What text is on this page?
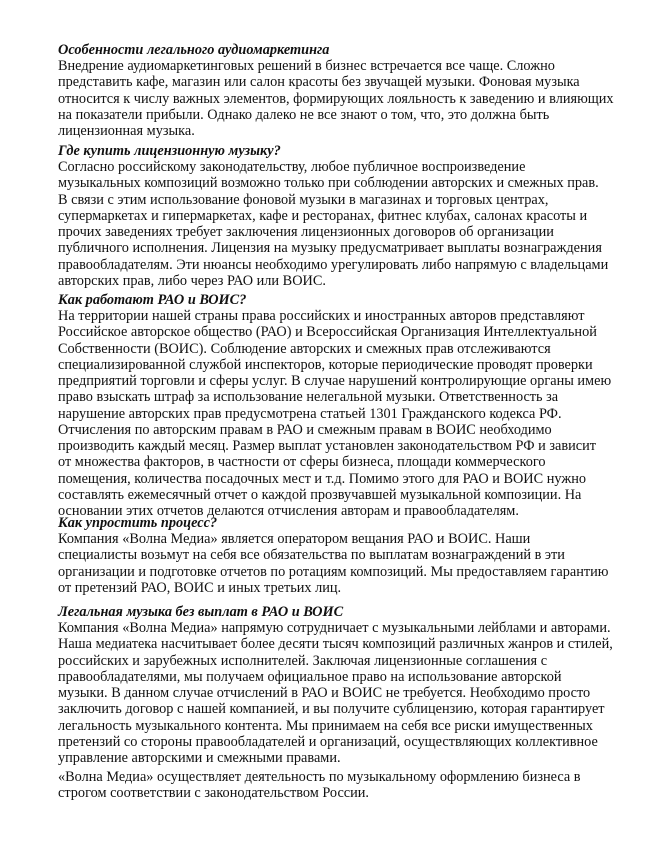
Особенности легального аудиомаркетинга
Внедрение аудиомаркетинговых решений в бизнес встречается все чаще. Сложно
представить кафе, магазин или салон красоты без звучащей музыки. Фоновая музыка
относится к числу важных элементов, формирующих лояльность к заведению и влияющих
на показатели прибыли. Однако далеко не все знают о том, что, это должна быть
лицензионная музыка.
Где купить лицензионную музыку?
Согласно российскому законодательству, любое публичное воспроизведение
музыкальных композиций возможно только при соблюдении авторских и смежных прав.
В связи с этим использование фоновой музыки в магазинах и торговых центрах,
супермаркетах и гипермаркетах, кафе и ресторанах, фитнес клубах, салонах красоты и
прочих заведениях требует заключения лицензионных договоров об организации
публичного исполнения. Лицензия на музыку предусматривает выплаты вознаграждения
правообладателям. Эти нюансы необходимо урегулировать либо напрямую с владельцами
авторских прав, либо через РАО или ВОИС.
Как работают РАО и ВОИС?
На территории нашей страны права российских и иностранных авторов представляют
Российское авторское общество (РАО) и Всероссийская Организация Интеллектуальной
Собственности (ВОИС). Соблюдение авторских и смежных прав отслеживаются
специализированной службой инспекторов, которые периодические проводят проверки
предприятий торговли и сферы услуг. В случае нарушений контролирующие органы имею
право взыскать штраф за использование нелегальной музыки. Ответственность за
нарушение авторских прав предусмотрена статьей 1301 Гражданского кодекса РФ.
Отчисления по авторским правам в РАО и смежным правам в ВОИС необходимо
производить каждый месяц. Размер выплат установлен законодательством РФ и зависит
от множества факторов, в частности от сферы бизнеса, площади коммерческого
помещения, количества посадочных мест и т.д. Помимо этого для РАО и ВОИС нужно
составлять ежемесячный отчет о каждой прозвучавшей музыкальной композиции. На
основании этих отчетов делаются отчисления авторам и правообладателям.
Как упростить процесс?
Компания «Волна Медиа» является оператором вещания РАО и ВОИС. Наши
специалисты возьмут на себя все обязательства по выплатам вознаграждений в эти
организации и подготовке отчетов по ротациям композиций. Мы предоставляем гарантию
от претензий РАО, ВОИС и иных третьих лиц.
Легальная музыка без выплат в РАО и ВОИС
Компания «Волна Медиа» напрямую сотрудничает с музыкальными лейблами и авторами.
Наша медиатека насчитывает более десяти тысяч композиций различных жанров и стилей,
российских и зарубежных исполнителей. Заключая лицензионные соглашения с
правообладателями, мы получаем официальное право на использование авторской
музыки. В данном случае отчислений в РАО и ВОИС не требуется. Необходимо просто
заключить договор с нашей компанией, и вы получите сублицензию, которая гарантирует
легальность музыкального контента. Мы принимаем на себя все риски имущественных
претензий со стороны правообладателей и организаций, осуществляющих коллективное
управление авторскими и смежными правами.
«Волна Медиа» осуществляет деятельность по музыкальному оформлению бизнеса в
строгом соответствии с законодательством России.
